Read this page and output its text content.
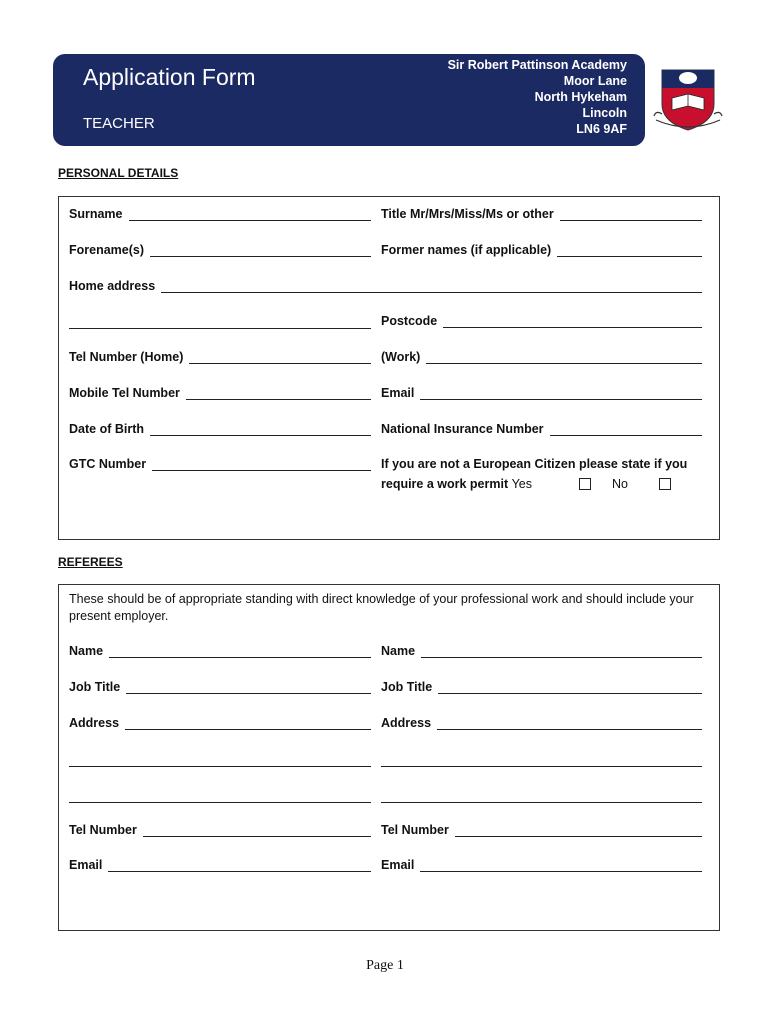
Application Form
TEACHER
Sir Robert Pattinson Academy
Moor Lane
North Hykeham
Lincoln
LN6 9AF
PERSONAL DETAILS
Surname	Title Mr/Mrs/Miss/Ms or other
Forename(s)	Former names (if applicable)
Home address
Postcode
Tel Number (Home)	(Work)
Mobile Tel Number	Email
Date of Birth	National Insurance Number
GTC Number	If you are not a European Citizen please state if you
require a work permit Yes	No
REFEREES
These should be of appropriate standing with direct knowledge of your professional work and should include your present employer.
Name	Name
Job Title	Job Title
Address	Address
Tel Number	Tel Number
Email	Email
Page 1
